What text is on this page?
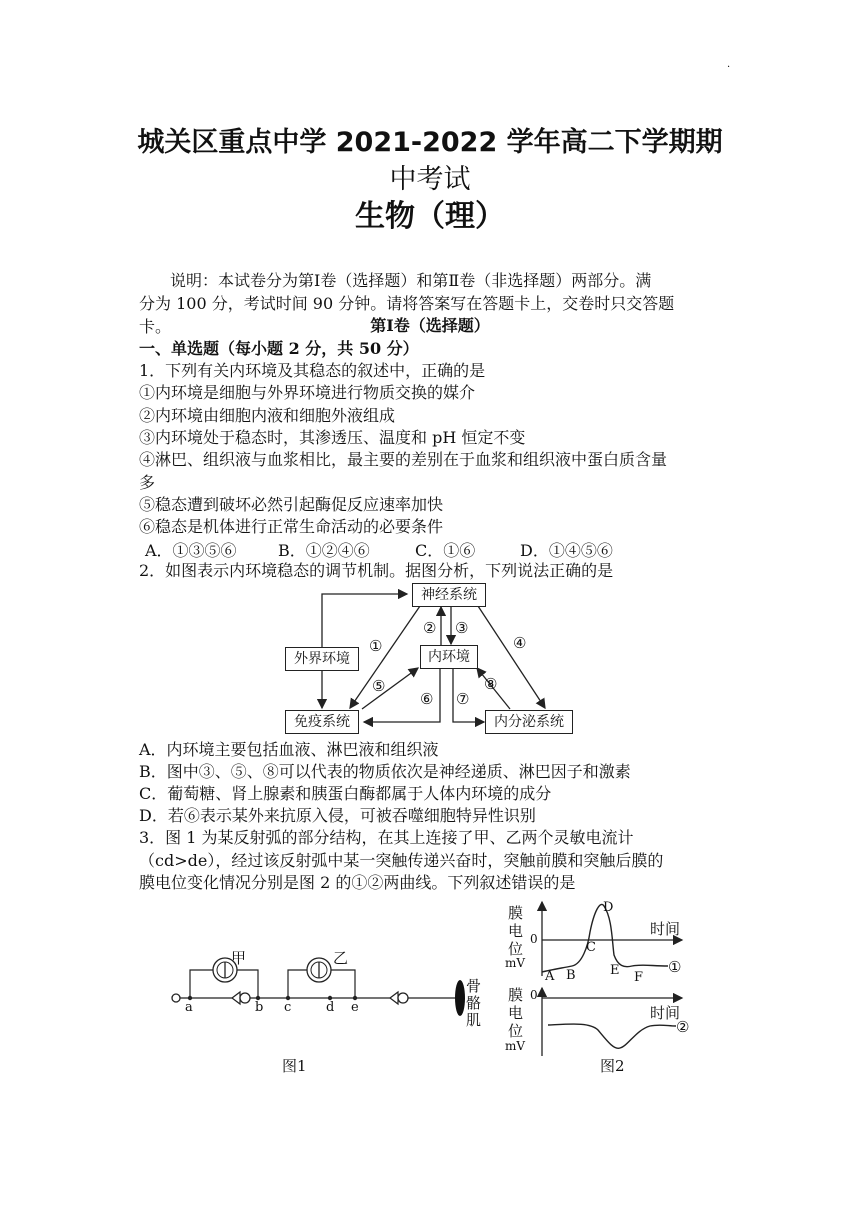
·
城关区重点中学 2021-2022 学年高二下学期期
中考试
生物（理）
说明：本试卷分为第Ⅰ卷（选择题）和第Ⅱ卷（非选择题）两部分。满
分为 100 分，考试时间 90 分钟。请将答案写在答题卡上，交卷时只交答题
卡。	第Ⅰ卷（选择题）
一、单选题（每小题 2 分，共 50 分）
1．下列有关内环境及其稳态的叙述中，正确的是
①内环境是细胞与外界环境进行物质交换的媒介
②内环境由细胞内液和细胞外液组成
③内环境处于稳态时，其渗透压、温度和 pH 恒定不变
④淋巴、组织液与血浆相比，最主要的差别在于血浆和组织液中蛋白质含量
多
⑤稳态遭到破坏必然引起酶促反应速率加快
⑥稳态是机体进行正常生命活动的必要条件
A．①③⑤⑥	B．①②④⑥	C．①⑥	D．①④⑤⑥
2．如图表示内环境稳态的调节机制。据图分析，下列说法正确的是
神经系统
外界环境	内环境
免疫系统	内分泌系统
①
② ③
④
⑤
⑥ ⑦
⑧
A．内环境主要包括血液、淋巴液和组织液
B．图中③、⑤、⑧可以代表的物质依次是神经递质、淋巴因子和激素
C．葡萄糖、肾上腺素和胰蛋白酶都属于人体内环境的成分
D．若⑥表示某外来抗原入侵，可被吞噬细胞特异性识别
3．图 1 为某反射弧的部分结构，在其上连接了甲、乙两个灵敏电流计
（cd>de），经过该反射弧中某一突触传递兴奋时，突触前膜和突触后膜的
膜电位变化情况分别是图 2 的①②两曲线。下列叙述错误的是
甲	乙
a	b c	d e
骨
骼
肌
图1
膜
电
位
mV
0
时间
A B
C
D
E F
①
膜
电
位
mV
0
时间
②
图2
